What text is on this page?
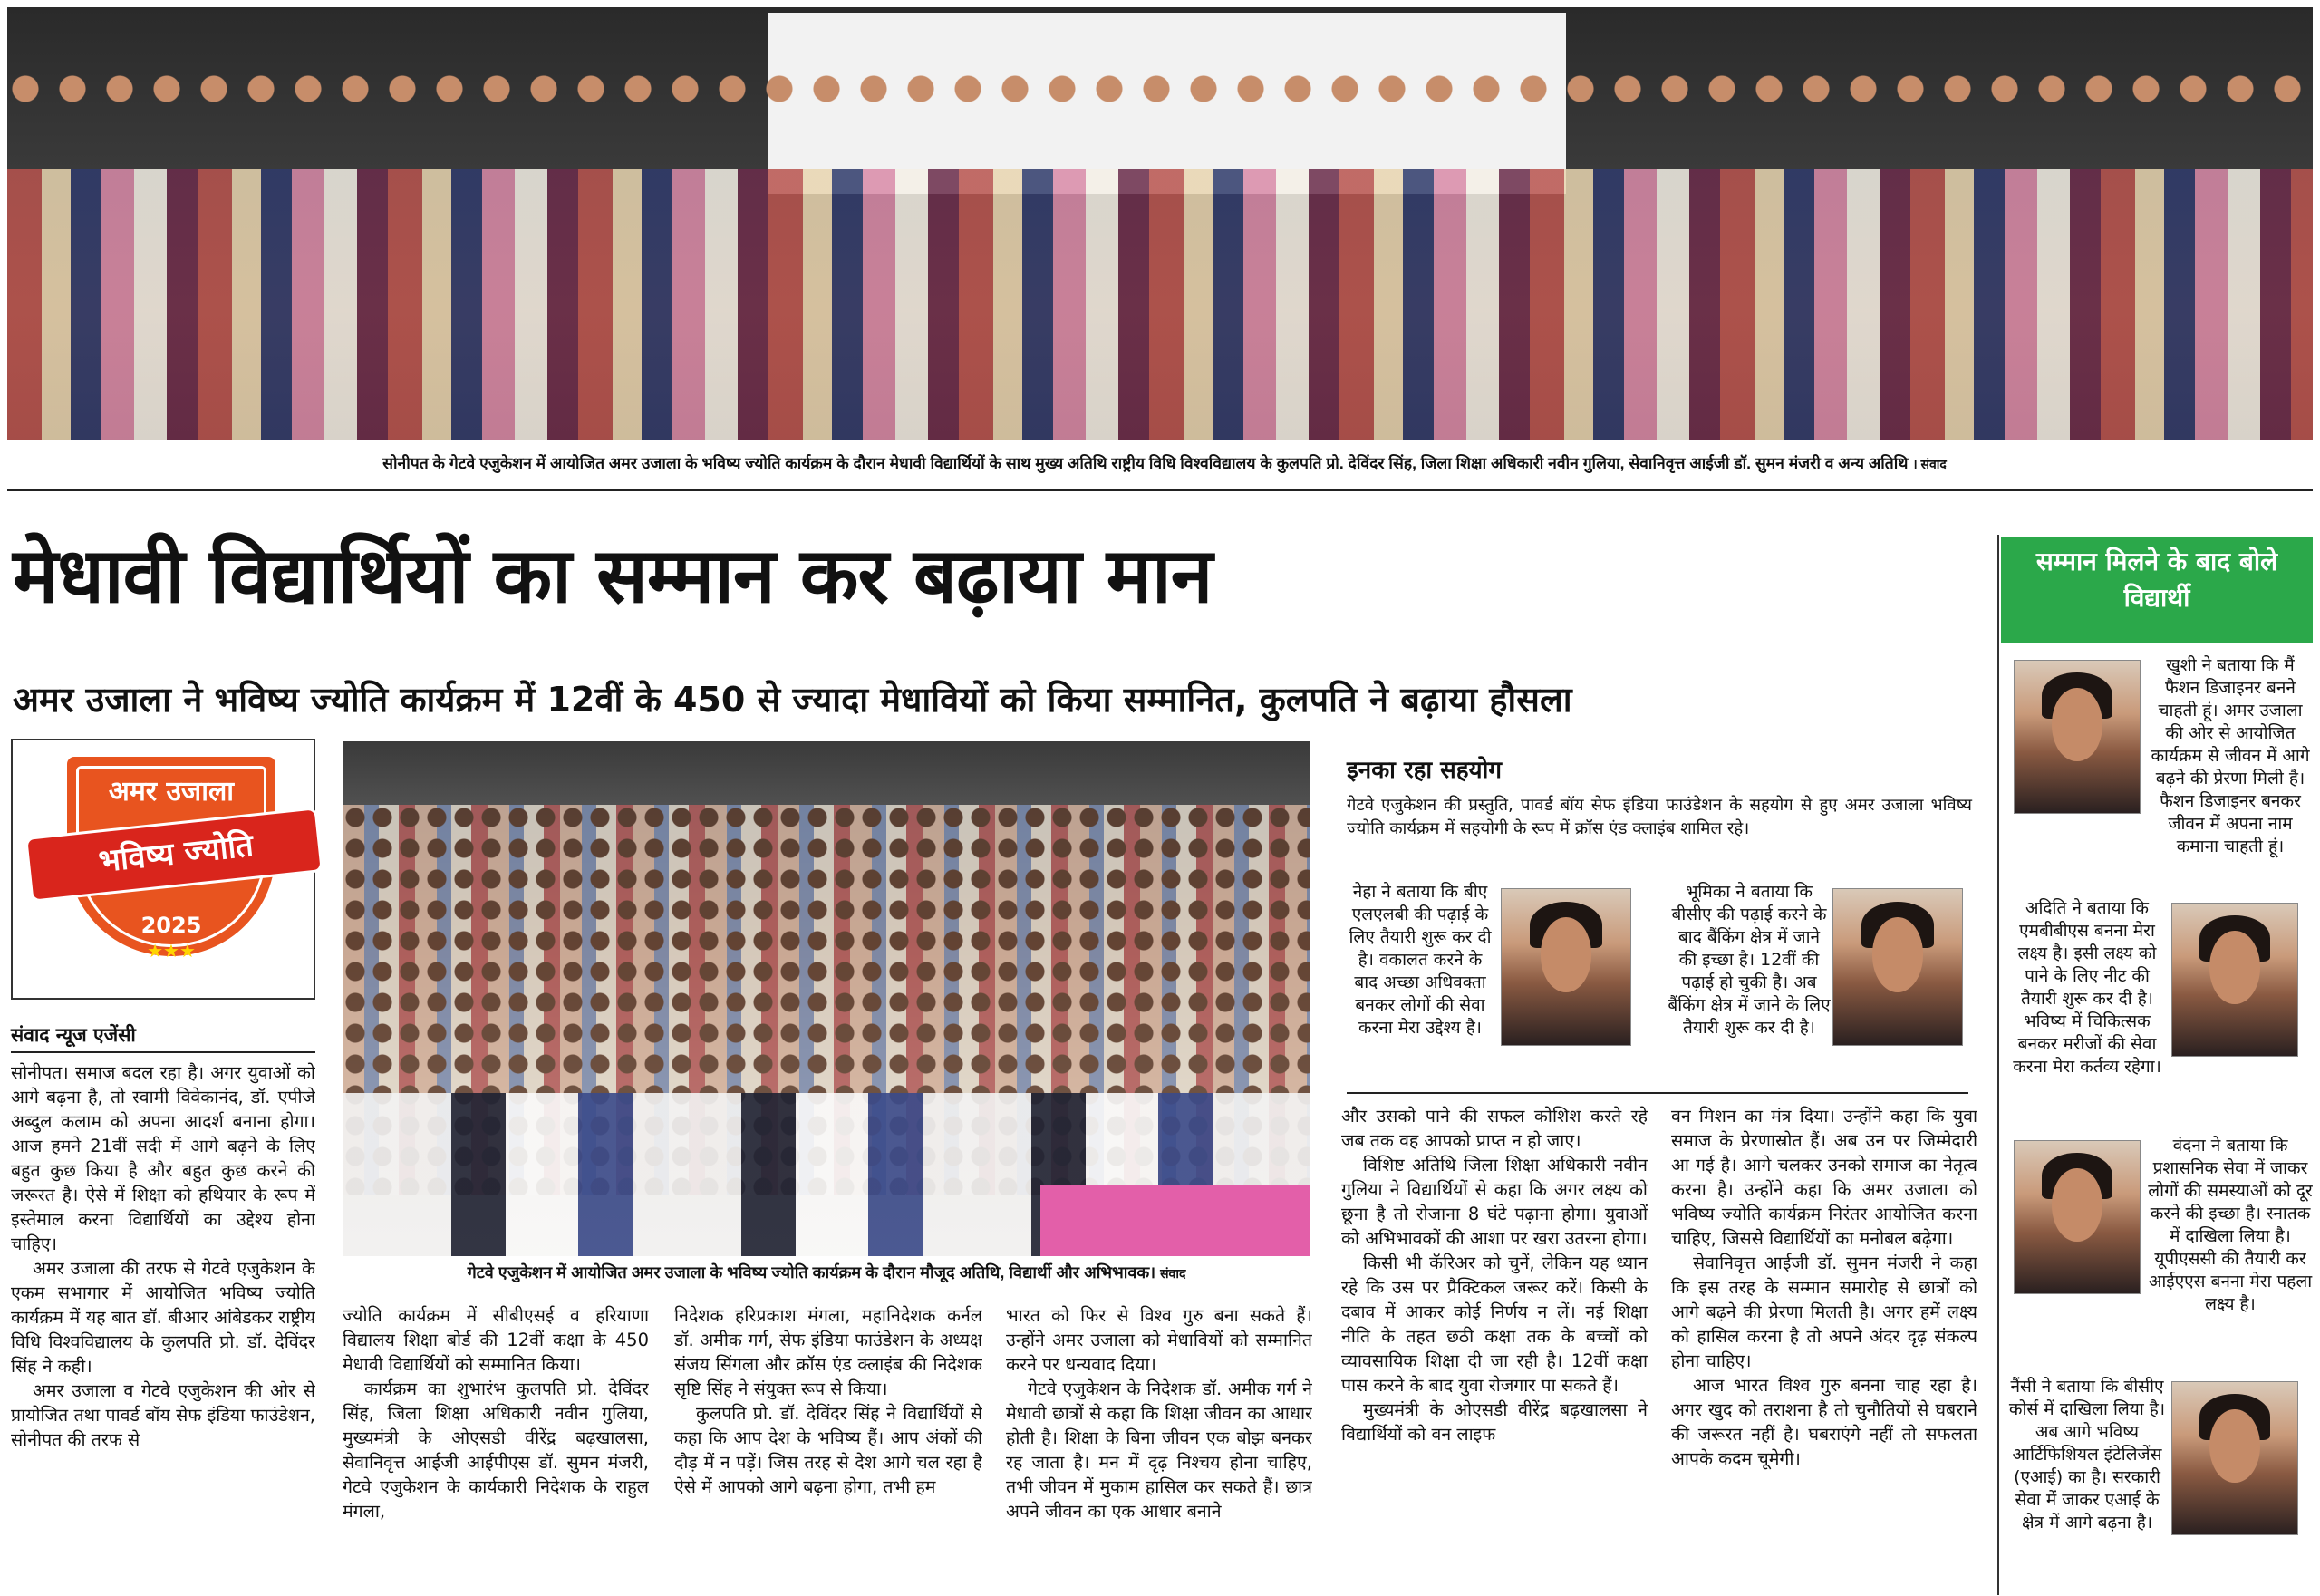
सोनीपत के गेटवे एजुकेशन में आयोजित अमर उजाला के भविष्य ज्योति कार्यक्रम के दौरान मेधावी विद्यार्थियों के साथ मुख्य अतिथि राष्ट्रीय विधि विश्वविद्यालय के कुलपति प्रो. देविंदर सिंह, जिला शिक्षा अधिकारी नवीन गुलिया, सेवानिवृत्त आईजी डॉ. सुमन मंजरी व अन्य अतिथि । संवाद
मेधावी विद्यार्थियों का सम्मान कर बढ़ाया मान
अमर उजाला ने भविष्य ज्योति कार्यक्रम में 12वीं के 450 से ज्यादा मेधावियों को किया सम्मानित, कुलपति ने बढ़ाया हौसला
अमर उजाला
भविष्य ज्योति
2025
★★★
संवाद न्यूज एजेंसी

सोनीपत। समाज बदल रहा है। अगर युवाओं को आगे बढ़ना है, तो स्वामी विवेकानंद, डॉ. एपीजे अब्दुल कलाम को अपना आदर्श बनाना होगा। आज हमने 21वीं सदी में आगे बढ़ने के लिए बहुत कुछ किया है और बहुत कुछ करने की जरूरत है। ऐसे में शिक्षा को हथियार के रूप में इस्तेमाल करना विद्यार्थियों का उद्देश्य होना चाहिए।

अमर उजाला की तरफ से गेटवे एजुकेशन के एकम सभागार में आयोजित भविष्य ज्योति कार्यक्रम में यह बात डॉ. बीआर आंबेडकर राष्ट्रीय विधि विश्वविद्यालय के कुलपति प्रो. डॉ. देविंदर सिंह ने कही।

अमर उजाला व गेटवे एजुकेशन की ओर से प्रायोजित तथा पावर्ड बॉय सेफ इंडिया फाउंडेशन, सोनीपत की तरफ से

गेटवे एजुकेशन में आयोजित अमर उजाला के भविष्य ज्योति कार्यक्रम के दौरान मौजूद अतिथि, विद्यार्थी और अभिभावक। संवाद

ज्योति कार्यक्रम में सीबीएसई व हरियाणा विद्यालय शिक्षा बोर्ड की 12वीं कक्षा के 450 मेधावी विद्यार्थियों को सम्मानित किया।

कार्यक्रम का शुभारंभ कुलपति प्रो. देविंदर सिंह, जिला शिक्षा अधिकारी नवीन गुलिया, मुख्यमंत्री के ओएसडी वीरेंद्र बढ़खालसा, सेवानिवृत्त आईजी आईपीएस डॉ. सुमन मंजरी, गेटवे एजुकेशन के कार्यकारी निदेशक के राहुल मंगला,

निदेशक हरिप्रकाश मंगला, महानिदेशक कर्नल डॉ. अमीक गर्ग, सेफ इंडिया फाउंडेशन के अध्यक्ष संजय सिंगला और क्रॉस एंड क्लाइंब की निदेशक सृष्टि सिंह ने संयुक्त रूप से किया।

कुलपति प्रो. डॉ. देविंदर सिंह ने विद्यार्थियों से कहा कि आप देश के भविष्य हैं। आप अंकों की दौड़ में न पड़ें। जिस तरह से देश आगे चल रहा है ऐसे में आपको आगे बढ़ना होगा, तभी हम

भारत को फिर से विश्व गुरु बना सकते हैं। उन्होंने अमर उजाला को मेधावियों को सम्मानित करने पर धन्यवाद दिया।

गेटवे एजुकेशन के निदेशक डॉ. अमीक गर्ग ने मेधावी छात्रों से कहा कि शिक्षा जीवन का आधार होती है। शिक्षा के बिना जीवन एक बोझ बनकर रह जाता है। मन में दृढ़ निश्चय होना चाहिए, तभी जीवन में मुकाम हासिल कर सकते हैं। छात्र अपने जीवन का एक आधार बनाने

इनका रहा सहयोग
गेटवे एजुकेशन की प्रस्तुति, पावर्ड बॉय सेफ इंडिया फाउंडेशन के सहयोग से हुए अमर उजाला भविष्य ज्योति कार्यक्रम में सहयोगी के रूप में क्रॉस एंड क्लाइंब शामिल रहे।
नेहा ने बताया कि बीए एलएलबी की पढ़ाई के लिए तैयारी शुरू कर दी है। वकालत करने के बाद अच्छा अधिवक्ता बनकर लोगों की सेवा करना मेरा उद्देश्य है।
भूमिका ने बताया कि बीसीए की पढ़ाई करने के बाद बैंकिंग क्षेत्र में जाने की इच्छा है। 12वीं की पढ़ाई हो चुकी है। अब बैंकिंग क्षेत्र में जाने के लिए तैयारी शुरू कर दी है।

और उसको पाने की सफल कोशिश करते रहे जब तक वह आपको प्राप्त न हो जाए।

विशिष्ट अतिथि जिला शिक्षा अधिकारी नवीन गुलिया ने विद्यार्थियों से कहा कि अगर लक्ष्य को छूना है तो रोजाना 8 घंटे पढ़ाना होगा। युवाओं को अभिभावकों की आशा पर खरा उतरना होगा।

किसी भी कॅरिअर को चुनें, लेकिन यह ध्यान रहे कि उस पर प्रैक्टिकल जरूर करें। किसी के दबाव में आकर कोई निर्णय न लें। नई शिक्षा नीति के तहत छठी कक्षा तक के बच्चों को व्यावसायिक शिक्षा दी जा रही है। 12वीं कक्षा पास करने के बाद युवा रोजगार पा सकते हैं।

मुख्यमंत्री के ओएसडी वीरेंद्र बढ़खालसा ने विद्यार्थियों को वन लाइफ

वन मिशन का मंत्र दिया। उन्होंने कहा कि युवा समाज के प्रेरणास्रोत हैं। अब उन पर जिम्मेदारी आ गई है। आगे चलकर उनको समाज का नेतृत्व करना है। उन्होंने कहा कि अमर उजाला को भविष्य ज्योति कार्यक्रम निरंतर आयोजित करना चाहिए, जिससे विद्यार्थियों का मनोबल बढ़ेगा।

सेवानिवृत्त आईजी डॉ. सुमन मंजरी ने कहा कि इस तरह के सम्मान समारोह से छात्रों को आगे बढ़ने की प्रेरणा मिलती है। अगर हमें लक्ष्य को हासिल करना है तो अपने अंदर दृढ़ संकल्प होना चाहिए।

आज भारत विश्व गुरु बनना चाह रहा है। अगर खुद को तराशना है तो चुनौतियों से घबराने की जरूरत नहीं है। घबराएंगे नहीं तो सफलता आपके कदम चूमेगी।

सम्मान मिलने के बाद बोले विद्यार्थी
खुशी ने बताया कि मैं फैशन डिजाइनर बनने चाहती हूं। अमर उजाला की ओर से आयोजित कार्यक्रम से जीवन में आगे बढ़ने की प्रेरणा मिली है। फैशन डिजाइनर बनकर जीवन में अपना नाम कमाना चाहती हूं।
अदिति ने बताया कि एमबीबीएस बनना मेरा लक्ष्य है। इसी लक्ष्य को पाने के लिए नीट की तैयारी शुरू कर दी है। भविष्य में चिकित्सक बनकर मरीजों की सेवा करना मेरा कर्तव्य रहेगा।
वंदना ने बताया कि प्रशासनिक सेवा में जाकर लोगों की समस्याओं को दूर करने की इच्छा है। स्नातक में दाखिला लिया है। यूपीएससी की तैयारी कर आईएएस बनना मेरा पहला लक्ष्य है।
नैंसी ने बताया कि बीसीए कोर्स में दाखिला लिया है। अब आगे भविष्य आर्टिफिशियल इंटेलिजेंस (एआई) का है। सरकारी सेवा में जाकर एआई के क्षेत्र में आगे बढ़ना है।
